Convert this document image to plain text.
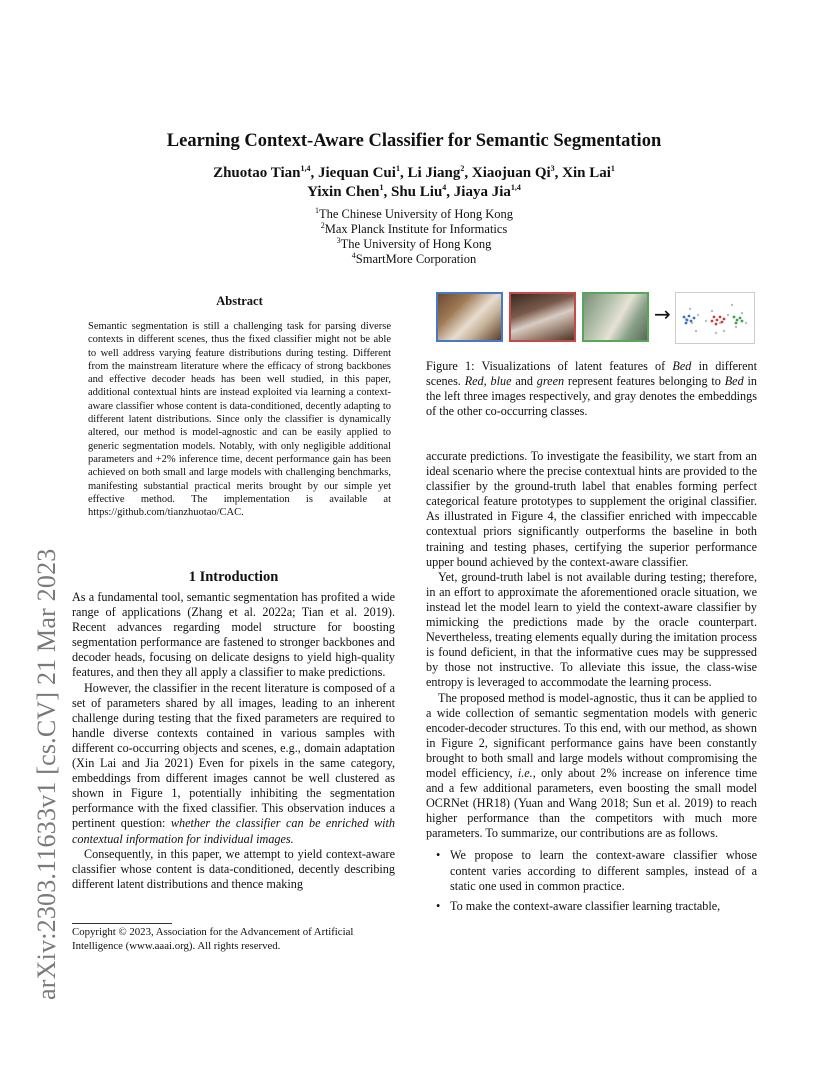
arXiv:2303.11633v1 [cs.CV] 21 Mar 2023
Learning Context-Aware Classifier for Semantic Segmentation
Zhuotao Tian$^{1,4}$, Jiequan Cui$^1$, Li Jiang$^2$, Xiaojuan Qi$^3$, Xin Lai$^1$
Yixin Chen$^1$, Shu Liu$^4$, Jiaya Jia$^{1,4}$
$^1$The Chinese University of Hong Kong
$^2$Max Planck Institute for Informatics
$^3$The University of Hong Kong
$^4$SmartMore Corporation
Abstract
Semantic segmentation is still a challenging task for parsing diverse contexts in different scenes, thus the fixed classifier might not be able to well address varying feature distributions during testing. Different from the mainstream literature where the efficacy of strong backbones and effective decoder heads has been well studied, in this paper, additional contextual hints are instead exploited via learning a context-aware classifier whose content is data-conditioned, decently adapting to different latent distributions. Since only the classifier is dynamically altered, our method is model-agnostic and can be easily applied to generic segmentation models. Notably, with only negligible additional parameters and +2% inference time, decent performance gain has been achieved on both small and large models with challenging benchmarks, manifesting substantial practical merits brought by our simple yet effective method. The implementation is available at https://github.com/tianzhuotao/CAC.
1 Introduction

As a fundamental tool, semantic segmentation has profited a wide range of applications (Zhang et al. 2022a; Tian et al. 2019). Recent advances regarding model structure for boosting segmentation performance are fastened to stronger backbones and decoder heads, focusing on delicate designs to yield high-quality features, and then they all apply a classifier to make predictions.

However, the classifier in the recent literature is composed of a set of parameters shared by all images, leading to an inherent challenge during testing that the fixed parameters are required to handle diverse contexts contained in various samples with different co-occurring objects and scenes, e.g., domain adaptation (Xin Lai and Jia 2021) Even for pixels in the same category, embeddings from different images cannot be well clustered as shown in Figure 1, potentially inhibiting the segmentation performance with the fixed classifier. This observation induces a pertinent question: whether the classifier can be enriched with contextual information for individual images.

Consequently, in this paper, we attempt to yield context-aware classifier whose content is data-conditioned, decently describing different latent distributions and thence making

Copyright © 2023, Association for the Advancement of Artificial Intelligence (www.aaai.org). All rights reserved.
→
Figure 1: Visualizations of latent features of Bed in different scenes. Red, blue and green represent features belonging to Bed in the left three images respectively, and gray denotes the embeddings of the other co-occurring classes.

accurate predictions. To investigate the feasibility, we start from an ideal scenario where the precise contextual hints are provided to the classifier by the ground-truth label that enables forming perfect categorical feature prototypes to supplement the original classifier. As illustrated in Figure 4, the classifier enriched with impeccable contextual priors significantly outperforms the baseline in both training and testing phases, certifying the superior performance upper bound achieved by the context-aware classifier.

Yet, ground-truth label is not available during testing; therefore, in an effort to approximate the aforementioned oracle situation, we instead let the model learn to yield the context-aware classifier by mimicking the predictions made by the oracle counterpart. Nevertheless, treating elements equally during the imitation process is found deficient, in that the informative cues may be suppressed by those not instructive. To alleviate this issue, the class-wise entropy is leveraged to accommodate the learning process.

The proposed method is model-agnostic, thus it can be applied to a wide collection of semantic segmentation models with generic encoder-decoder structures. To this end, with our method, as shown in Figure 2, significant performance gains have been constantly brought to both small and large models without compromising the model efficiency, i.e., only about 2% increase on inference time and a few additional parameters, even boosting the small model OCRNet (HR18) (Yuan and Wang 2018; Sun et al. 2019) to reach higher performance than the competitors with much more parameters. To summarize, our contributions are as follows.

• We propose to learn the context-aware classifier whose content varies according to different samples, instead of a static one used in common practice.
• To make the context-aware classifier learning tractable,
